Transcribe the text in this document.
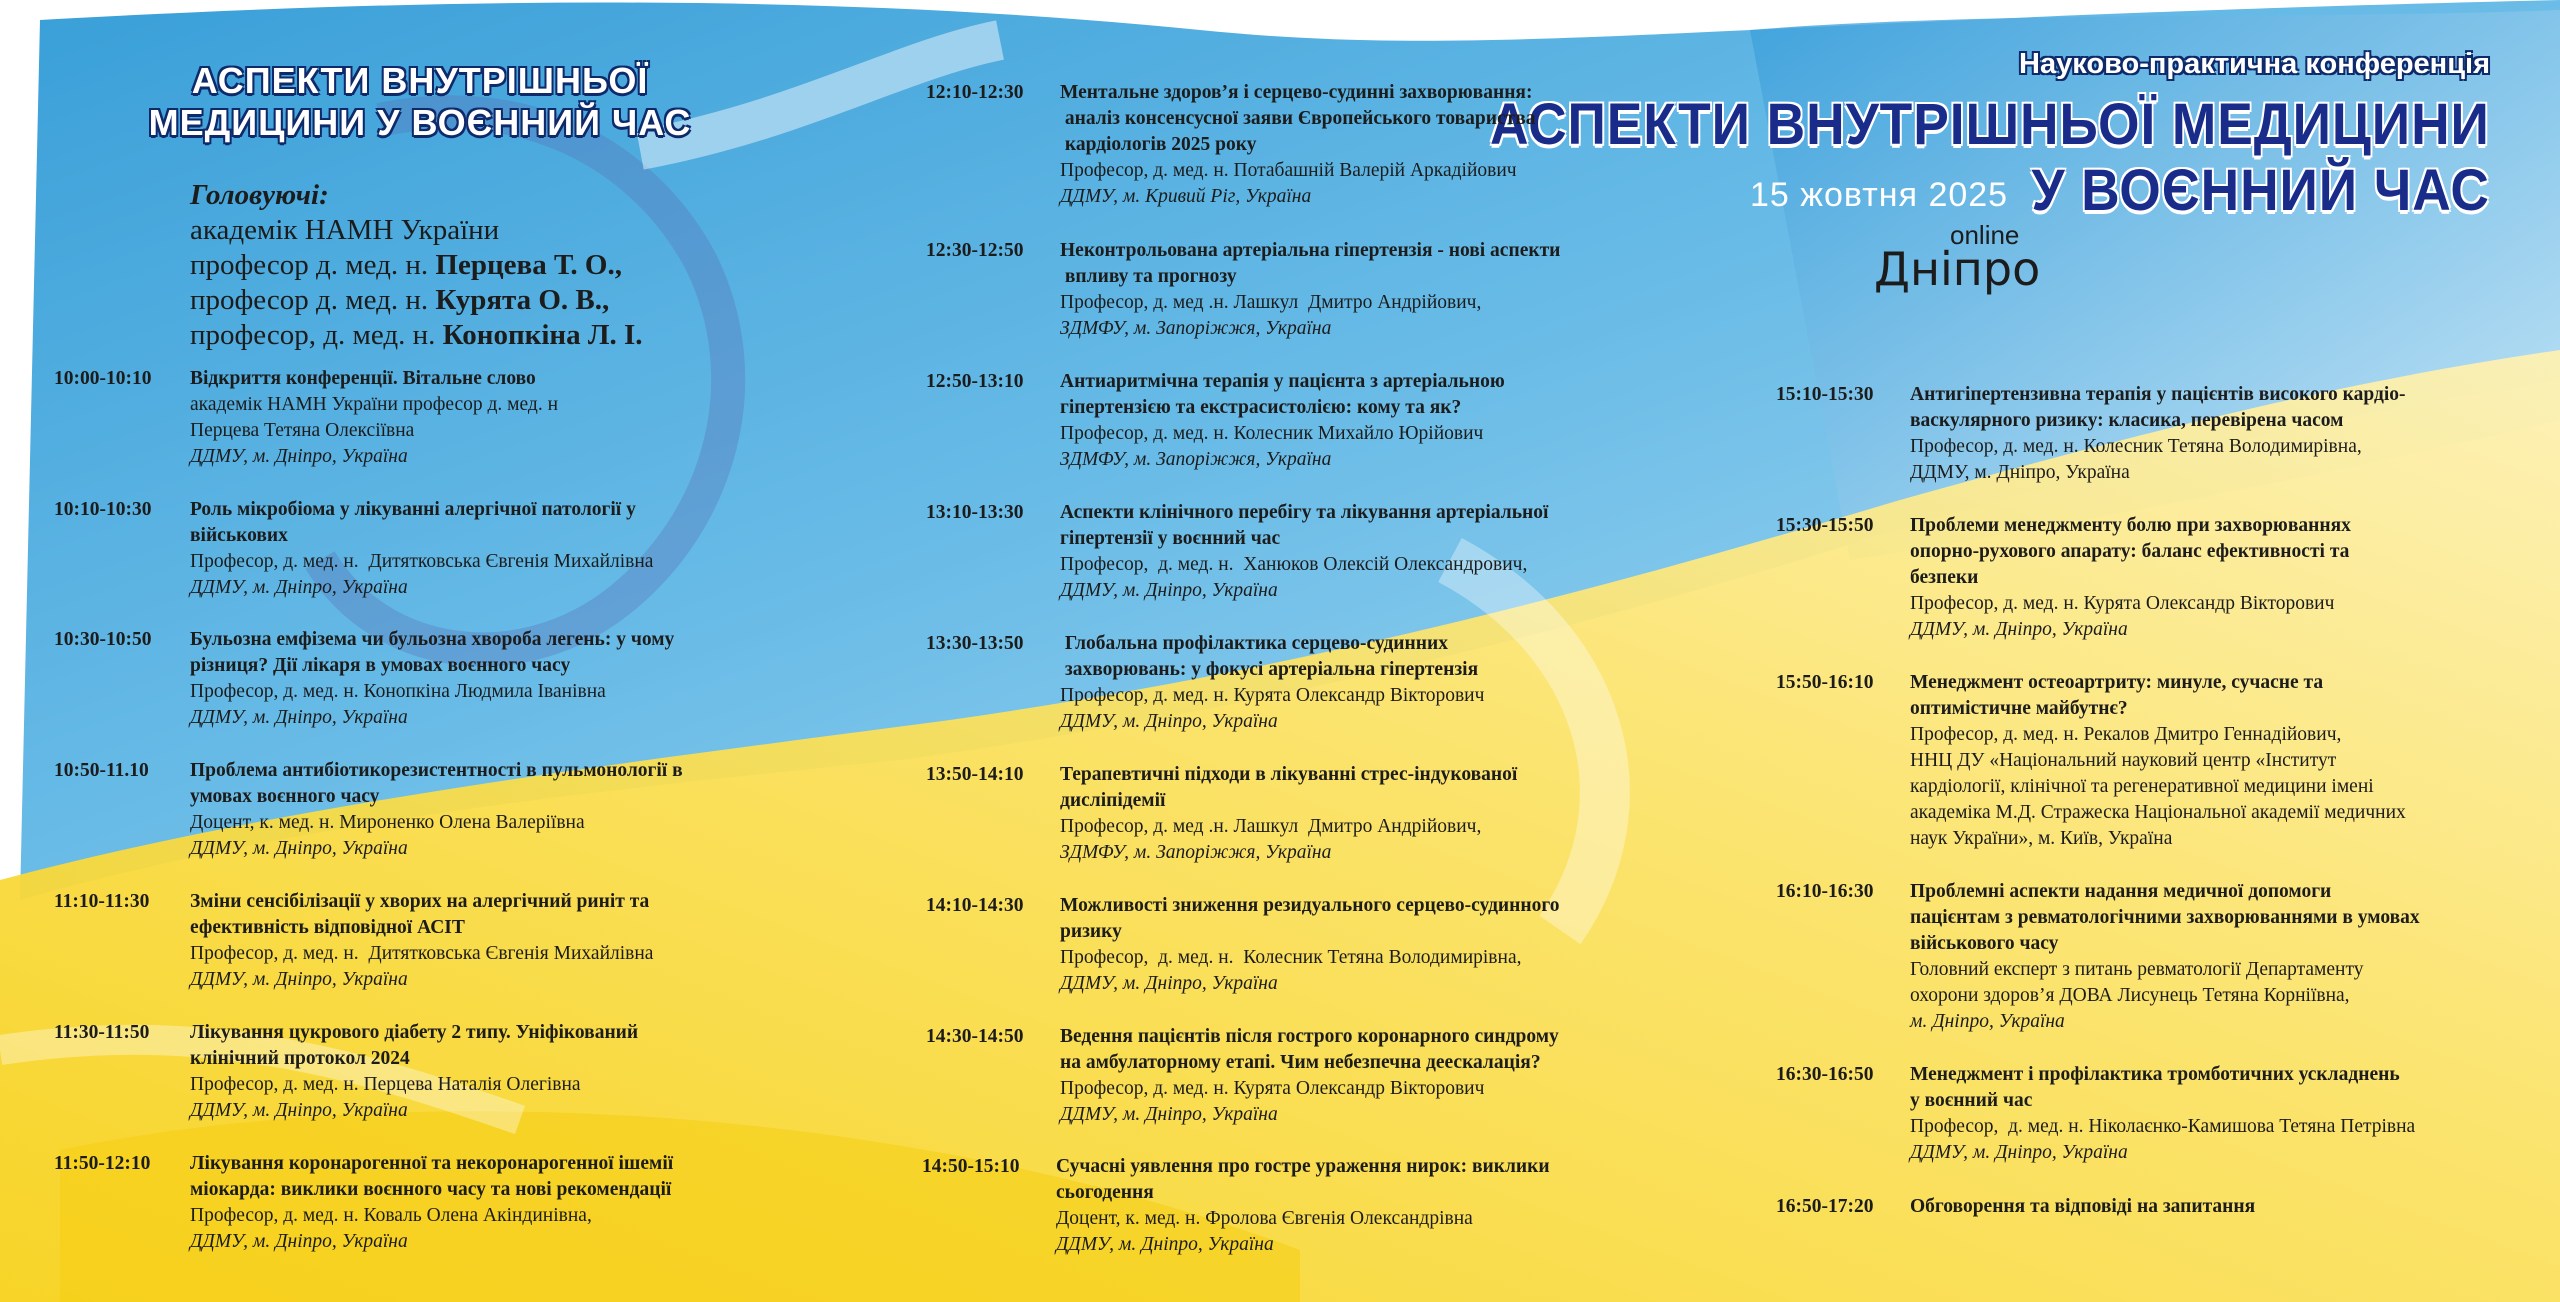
АСПЕКТИ ВНУТРІШНЬОЇ
МЕДИЦИНИ У ВОЄННИЙ ЧАС
Головуючі:
академік НАМН України
професор д. мед. н. Перцева Т. О.,
професор д. мед. н. Курята О. В.,
професор, д. мед. н. Конопкіна Л. І.
Науково-практична конференція
АСПЕКТИ ВНУТРІШНЬОЇ МЕДИЦИНИ
У ВОЄННИЙ ЧАС
15 жовтня 2025
online
Дніпро
10:00-10:10 Відкриття конференції. Вітальне слово
академік НАМН України професор д. мед. н
Перцева Тетяна Олексіївна
ДДМУ, м. Дніпро, Україна
10:10-10:30 Роль мікробіома у лікуванні алергічної патології у
військових
Професор, д. мед. н.  Дитятковська Євгенія Михайлівна
ДДМУ, м. Дніпро, Україна
10:30-10:50 Бульозна емфізема чи бульозна хвороба легень: у чому
різниця? Дії лікаря в умовах воєнного часу
Професор, д. мед. н. Конопкіна Людмила Іванівна
ДДМУ, м. Дніпро, Україна
10:50-11.10 Проблема антибіотикорезистентності в пульмонології в
умовах воєнного часу
Доцент, к. мед. н. Мироненко Олена Валеріївна
ДДМУ, м. Дніпро, Україна
11:10-11:30 Зміни сенсібілізації у хворих на алергічний риніт та
ефективність відповідної АСІТ
Професор, д. мед. н.  Дитятковська Євгенія Михайлівна
ДДМУ, м. Дніпро, Україна
11:30-11:50 Лікування цукрового діабету 2 типу. Уніфікований
клінічний протокол 2024
Професор, д. мед. н. Перцева Наталія Олегівна
ДДМУ, м. Дніпро, Україна
11:50-12:10 Лікування коронарогенної та некоронарогенної ішемії
міокарда: виклики воєнного часу та нові рекомендації
Професор, д. мед. н. Коваль Олена Акіндинівна,
ДДМУ, м. Дніпро, Україна
12:10-12:30 Ментальне здоров’я і серцево-судинні захворювання:
аналіз консенсусної заяви Європейського товариства
кардіологів 2025 року
Професор, д. мед. н. Потабашній Валерій Аркадійович
ДДМУ, м. Кривий Ріг, Україна
12:30-12:50 Неконтрольована артеріальна гіпертензія - нові аспекти
впливу та прогнозу
Професор, д. мед .н. Лашкул  Дмитро Андрійович,
ЗДМФУ, м. Запоріжжя, Україна
12:50-13:10 Антиаритмічна терапія у пацієнта з артеріальною
гіпертензією та екстрасистолією: кому та як?
Професор, д. мед. н. Колесник Михайло Юрійович
ЗДМФУ, м. Запоріжжя, Україна
13:10-13:30 Аспекти клінічного перебігу та лікування артеріальної
гіпертензії у воєнний час
Професор,  д. мед. н.  Ханюков Олексій Олександрович,
ДДМУ, м. Дніпро, Україна
13:30-13:50 Глобальна профілактика серцево-судинних
захворювань: у фокусі артеріальна гіпертензія
Професор, д. мед. н. Курята Олександр Вікторович
ДДМУ, м. Дніпро, Україна
13:50-14:10 Терапевтичні підходи в лікуванні стрес-індукованої
дисліпідемії
Професор, д. мед .н. Лашкул  Дмитро Андрійович,
ЗДМФУ, м. Запоріжжя, Україна
14:10-14:30 Можливості зниження резидуального серцево-судинного
ризику
Професор,  д. мед. н.  Колесник Тетяна Володимирівна,
ДДМУ, м. Дніпро, Україна
14:30-14:50 Ведення пацієнтів після гострого коронарного синдрому
на амбулаторному етапі. Чим небезпечна деескалація?
Професор, д. мед. н. Курята Олександр Вікторович
ДДМУ, м. Дніпро, Україна
14:50-15:10 Сучасні уявлення про гостре ураження нирок: виклики
сьогодення
Доцент, к. мед. н. Фролова Євгенія Олександрівна
ДДМУ, м. Дніпро, Україна
15:10-15:30 Антигіпертензивна терапія у пацієнтів високого кардіо-
васкулярного ризику: класика, перевірена часом
Професор, д. мед. н. Колесник Тетяна Володимирівна,
ДДМУ, м. Дніпро, Україна
15:30-15:50 Проблеми менеджменту болю при захворюваннях
опорно-рухового апарату: баланс ефективності та
безпеки
Професор, д. мед. н. Курята Олександр Вікторович
ДДМУ, м. Дніпро, Україна
15:50-16:10 Менеджмент остеоартриту: минуле, сучасне та
оптимістичне майбутнє?
Професор, д. мед. н. Рекалов Дмитро Геннадійович,
ННЦ ДУ «Національний науковий центр «Інститут
кардіології, клінічної та регенеративної медицини імені
академіка М.Д. Стражеска Національної академії медичних
наук України», м. Київ, Україна
16:10-16:30 Проблемні аспекти надання медичної допомоги
пацієнтам з ревматологічними захворюваннями в умовах
військового часу
Головний експерт з питань ревматології Департаменту
охорони здоров’я ДОВА Лисунець Тетяна Корніївна,
м. Дніпро, Україна
16:30-16:50 Менеджмент і профілактика тромботичних ускладнень
у воєнний час
Професор,  д. мед. н. Ніколаєнко-Камишова Тетяна Петрівна
ДДМУ, м. Дніпро, Україна
16:50-17:20 Обговорення та відповіді на запитання
